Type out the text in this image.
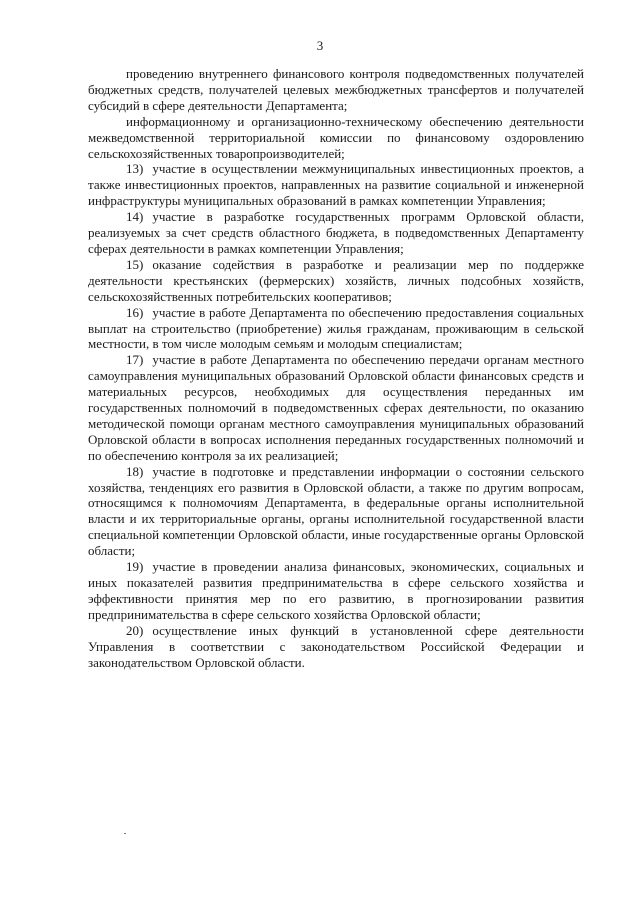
3

проведению внутреннего финансового контроля подведомственных получателей бюджетных средств, получателей целевых межбюджетных трансфертов и получателей субсидий в сфере деятельности Департамента;

информационному и организационно-техническому обеспечению деятельности межведомственной территориальной комиссии по финансовому оздоровлению сельскохозяйственных товаропроизводителей;

13) участие в осуществлении межмуниципальных инвестиционных проектов, а также инвестиционных проектов, направленных на развитие социальной и инженерной инфраструктуры муниципальных образований в рамках компетенции Управления;

14) участие в разработке государственных программ Орловской области, реализуемых за счет средств областного бюджета, в подведомственных Департаменту сферах деятельности в рамках компетенции Управления;

15) оказание содействия в разработке и реализации мер по поддержке деятельности крестьянских (фермерских) хозяйств, личных подсобных хозяйств, сельскохозяйственных потребительских кооперативов;

16) участие в работе Департамента по обеспечению предоставления социальных выплат на строительство (приобретение) жилья гражданам, проживающим в сельской местности, в том числе молодым семьям и молодым специалистам;

17) участие в работе Департамента по обеспечению передачи органам местного самоуправления муниципальных образований Орловской области финансовых средств и материальных ресурсов, необходимых для осуществления переданных им государственных полномочий в подведомственных сферах деятельности, по оказанию методической помощи органам местного самоуправления муниципальных образований Орловской области в вопросах исполнения переданных государственных полномочий и по обеспечению контроля за их реализацией;

18) участие в подготовке и представлении информации о состоянии сельского хозяйства, тенденциях его развития в Орловской области, а также по другим вопросам, относящимся к полномочиям Департамента, в федеральные органы исполнительной власти и их территориальные органы, органы исполнительной государственной власти специальной компетенции Орловской области, иные государственные органы Орловской области;

19) участие в проведении анализа финансовых, экономических, социальных и иных показателей развития предпринимательства в сфере сельского хозяйства и эффективности принятия мер по его развитию, в прогнозировании развития предпринимательства в сфере сельского хозяйства Орловской области;

20) осуществление иных функций в установленной сфере деятельности Управления в соответствии с законодательством Российской Федерации и законодательством Орловской области.
